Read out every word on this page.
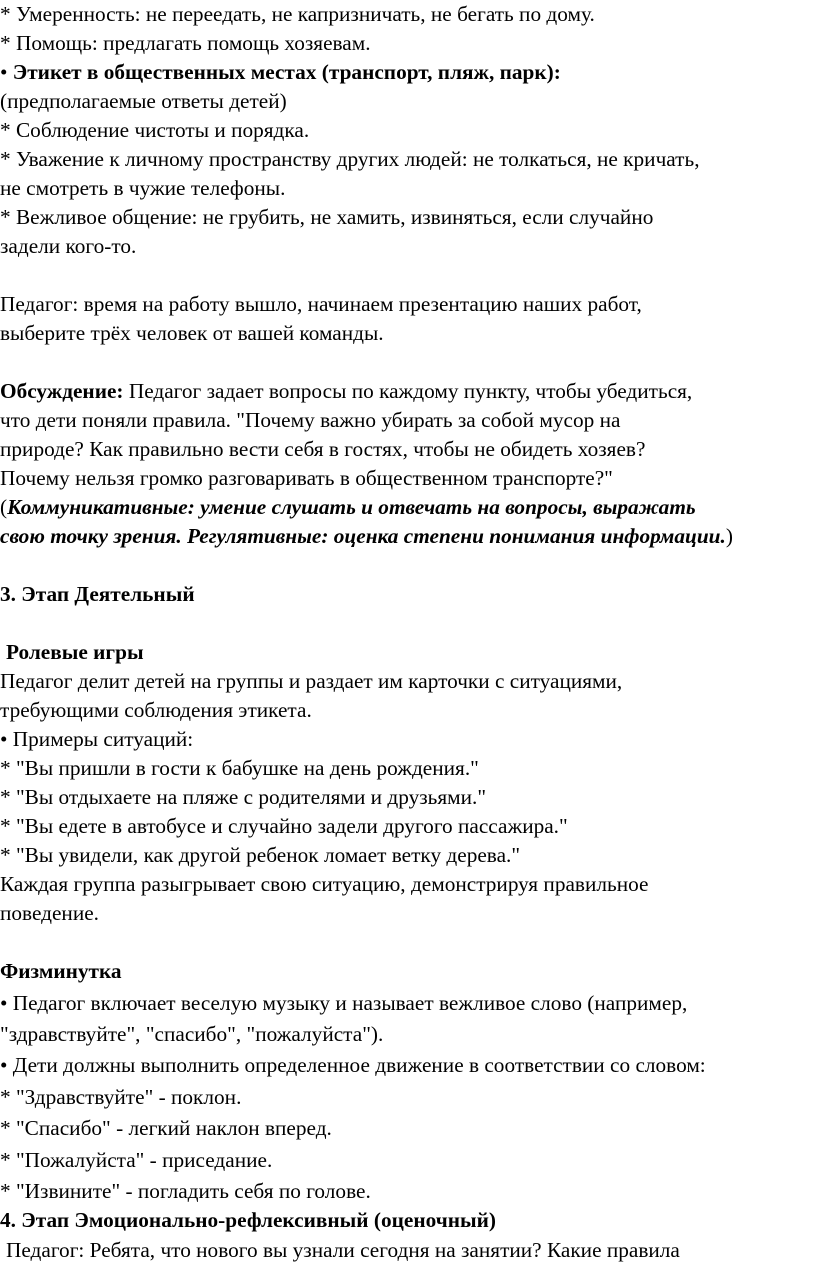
* Умеренность: не переедать, не капризничать, не бегать по дому.
* Помощь: предлагать помощь хозяевам.
• Этикет в общественных местах (транспорт, пляж, парк):
(предполагаемые ответы детей)
* Соблюдение чистоты и порядка.
* Уважение к личному пространству других людей: не толкаться, не кричать,
не смотреть в чужие телефоны.
* Вежливое общение: не грубить, не хамить, извиняться, если случайно
задели кого-то.
Педагог: время на работу вышло, начинаем презентацию наших работ,
выберите трёх человек от вашей команды.
Обсуждение: Педагог задает вопросы по каждому пункту, чтобы убедиться,
что дети поняли правила. "Почему важно убирать за собой мусор на
природе? Как правильно вести себя в гостях, чтобы не обидеть хозяев?
Почему нельзя громко разговаривать в общественном транспорте?"
(Коммуникативные: умение слушать и отвечать на вопросы, выражать
свою точку зрения. Регулятивные: оценка степени понимания информации.)
3. Этап Деятельный
Ролевые игры
Педагог делит детей на группы и раздает им карточки с ситуациями,
требующими соблюдения этикета.
• Примеры ситуаций:
* "Вы пришли в гости к бабушке на день рождения."
* "Вы отдыхаете на пляже с родителями и друзьями."
* "Вы едете в автобусе и случайно задели другого пассажира."
* "Вы увидели, как другой ребенок ломает ветку дерева."
Каждая группа разыгрывает свою ситуацию, демонстрируя правильное
поведение.
Физминутка
• Педагог включает веселую музыку и называет вежливое слово (например,
"здравствуйте", "спасибо", "пожалуйста").
• Дети должны выполнить определенное движение в соответствии со словом:
* "Здравствуйте" - поклон.
* "Спасибо" - легкий наклон вперед.
* "Пожалуйста" - приседание.
* "Извините" - погладить себя по голове.
4. Этап Эмоционально-рефлексивный (оценочный)
Педагог: Ребята, что нового вы узнали сегодня на занятии? Какие правила
